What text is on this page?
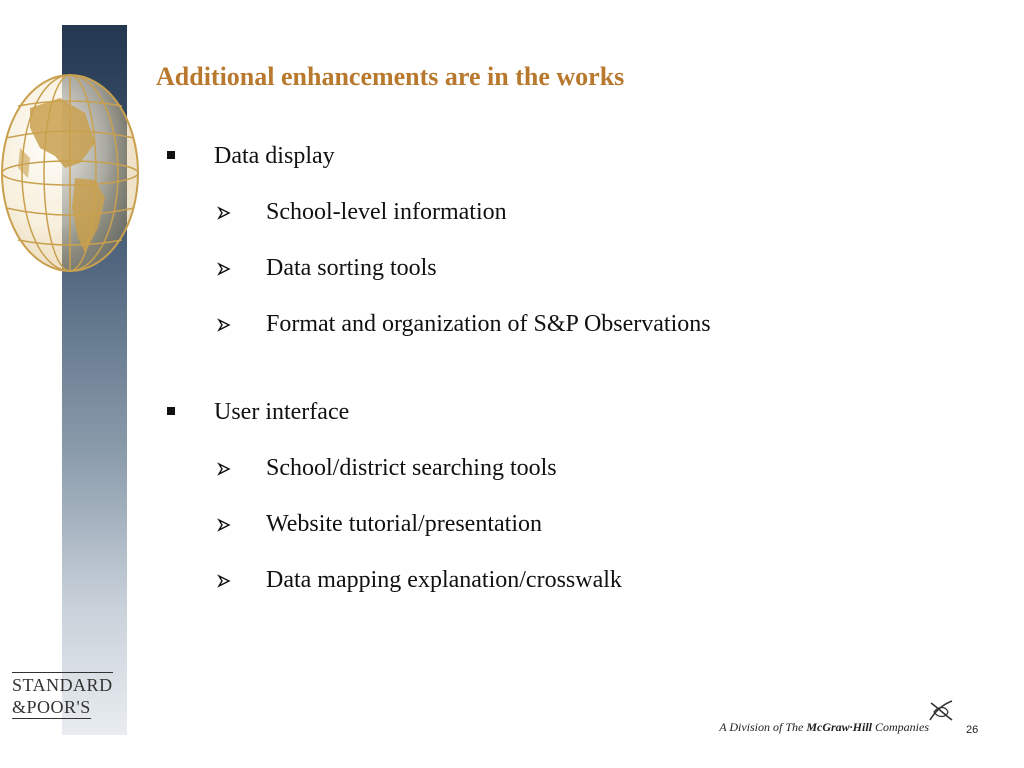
Additional enhancements are in the works
Data display
School-level information
Data sorting tools
Format and organization of S&P Observations
User interface
School/district searching tools
Website tutorial/presentation
Data mapping explanation/crosswalk
STANDARD
&POOR'S
A Division of The McGraw·Hill Companies	26
